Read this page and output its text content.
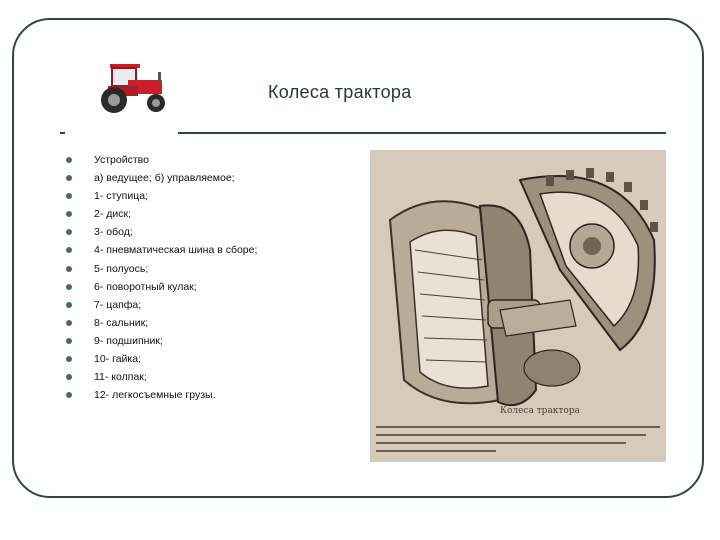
Колеса трактора
Устройство
а) ведущее; б) управляемое;
1- ступица;
2- диск;
3- обод;
4- пневматическая шина в сборе;
5- полуось;
6- поворотный кулак;
7- цапфа;
8- сальник;
9- подшипник;
10- гайка;
11- колпак;
12- легкосъемные грузы.
Колеса трактора
